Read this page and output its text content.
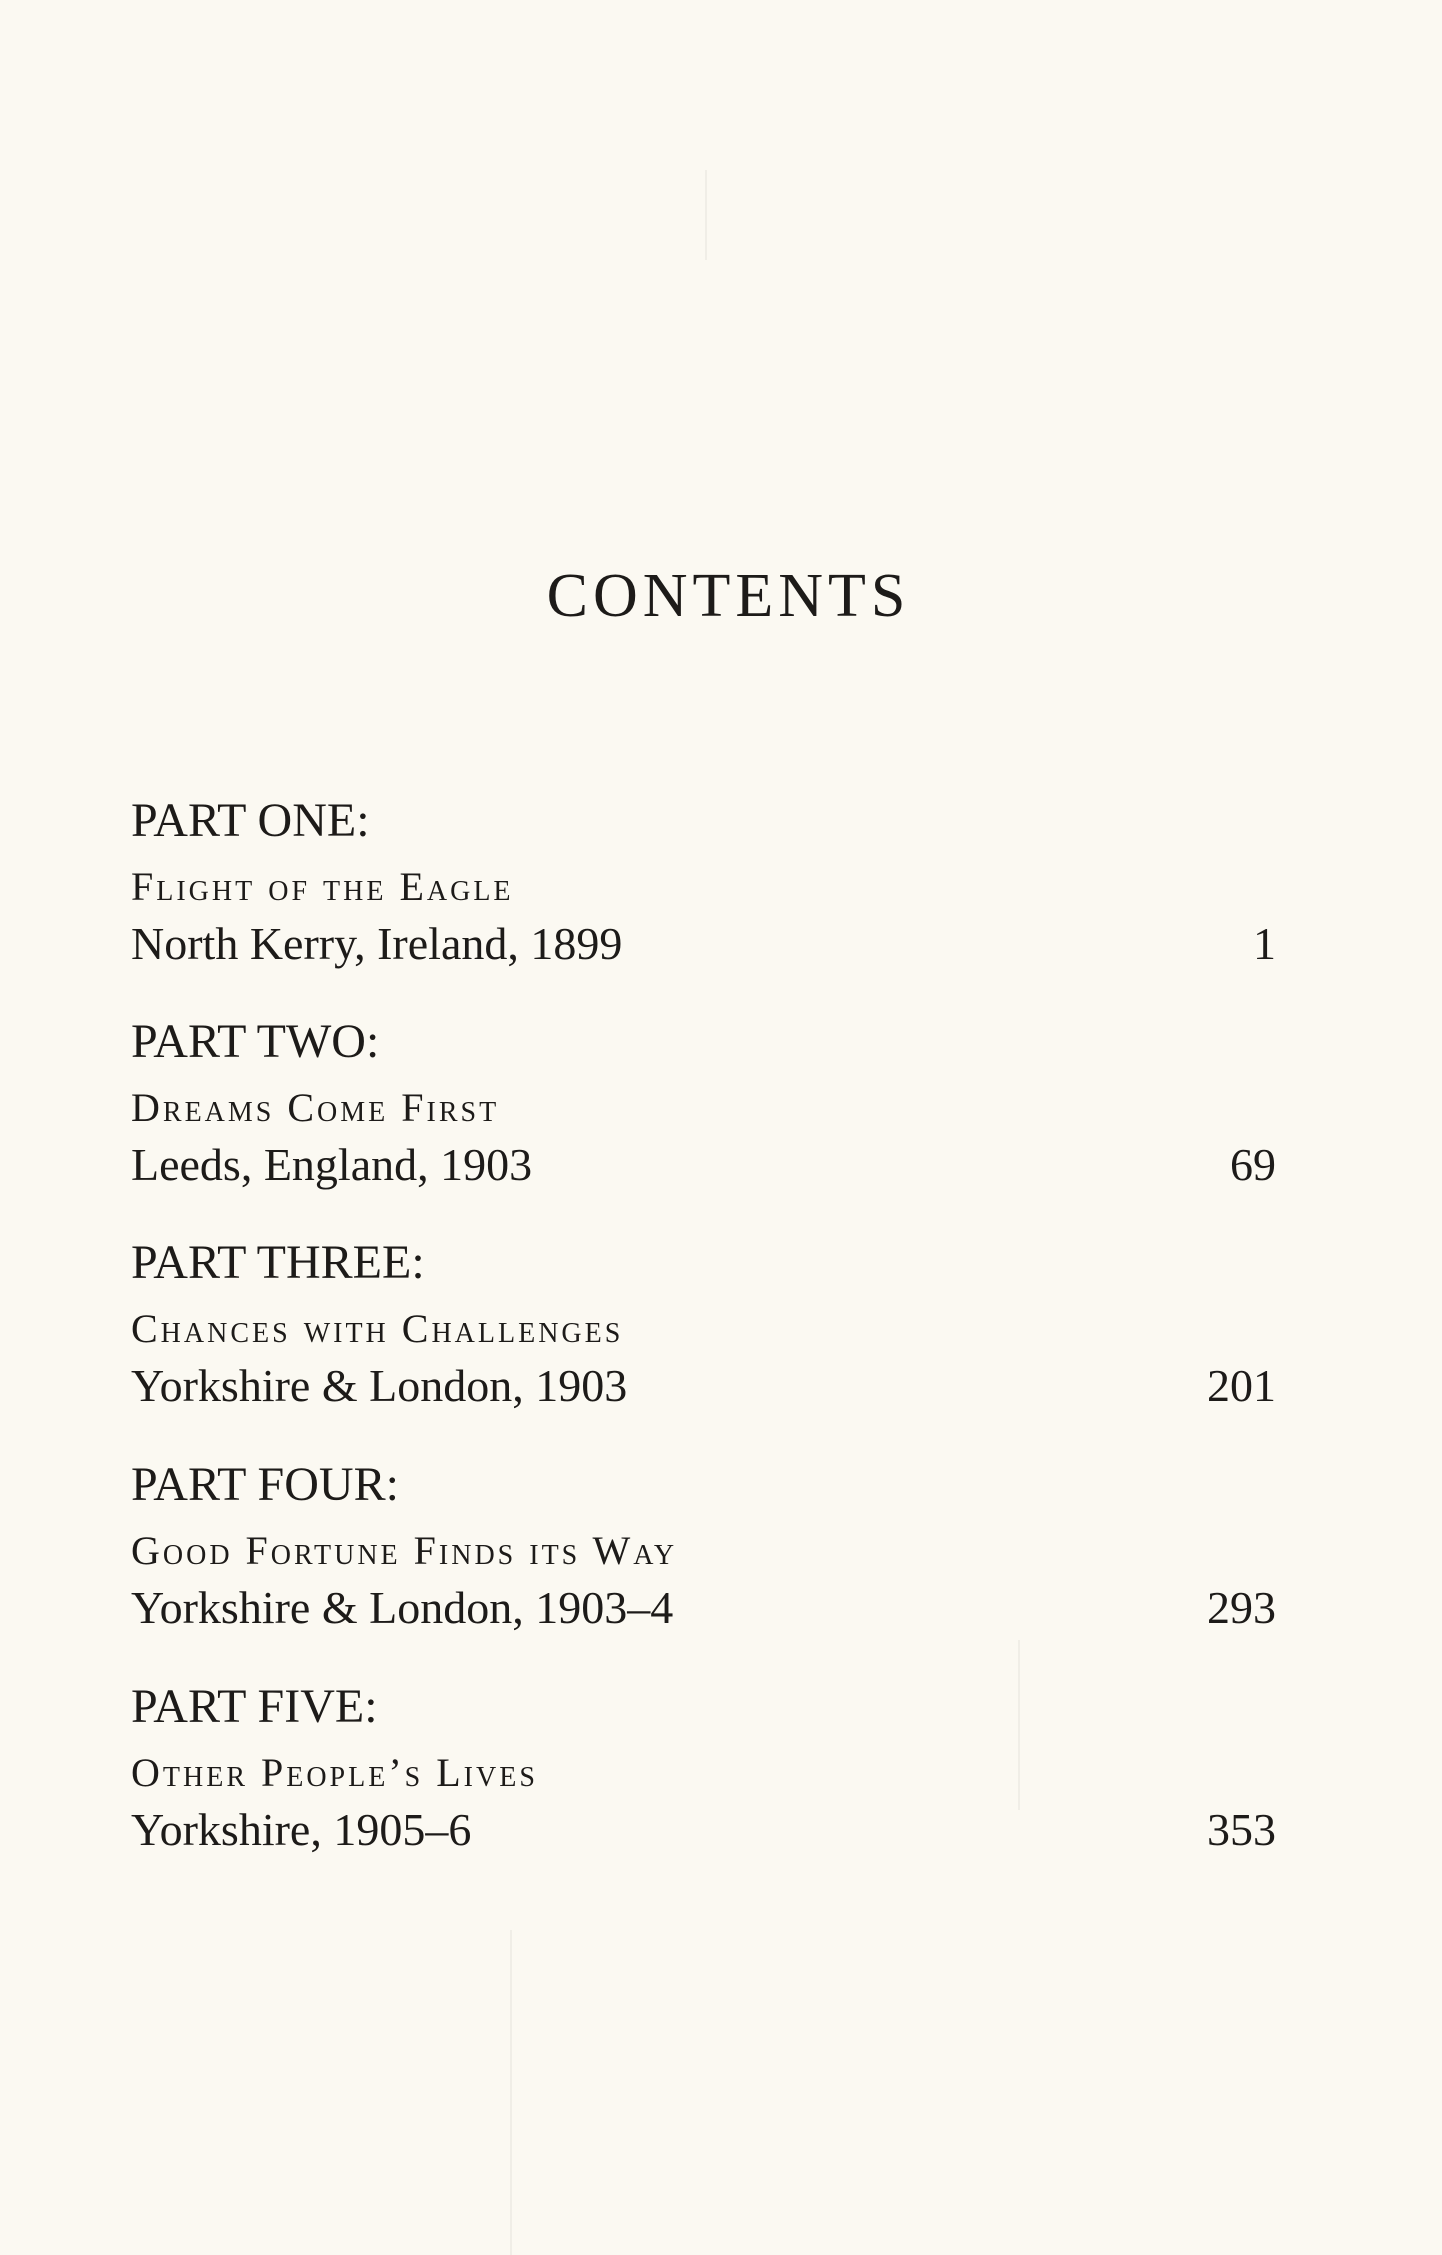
CONTENTS
PART ONE:
Flight of the Eagle
North Kerry, Ireland, 1899	1
PART TWO:
Dreams Come First
Leeds, England, 1903	69
PART THREE:
Chances with Challenges
Yorkshire & London, 1903	201
PART FOUR:
Good Fortune Finds its Way
Yorkshire & London, 1903–4	293
PART FIVE:
Other People’s Lives
Yorkshire, 1905–6	353
